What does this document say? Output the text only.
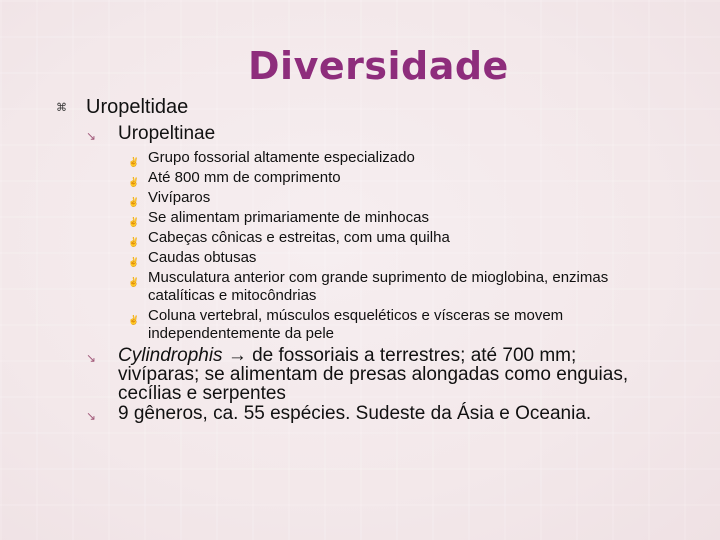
Diversidade
⌘ Uropeltidae
↘	Uropeltinae
✌ Grupo fossorial altamente especializado
✌ Até 800 mm de comprimento
✌ Vivíparos
✌ Se alimentam primariamente de minhocas
✌ Cabeças cônicas e estreitas, com uma quilha
✌ Caudas obtusas
✌ Musculatura anterior com grande suprimento de mioglobina, enzimas catalíticas e mitocôndrias
✌ Coluna vertebral, músculos esqueléticos e vísceras se movem independentemente da pele
↘	Cylindrophis → de fossoriais a terrestres; até 700 mm; vivíparas; se alimentam de presas alongadas como enguias, cecílias e serpentes
↘	9 gêneros, ca. 55 espécies. Sudeste da Ásia e Oceania.
